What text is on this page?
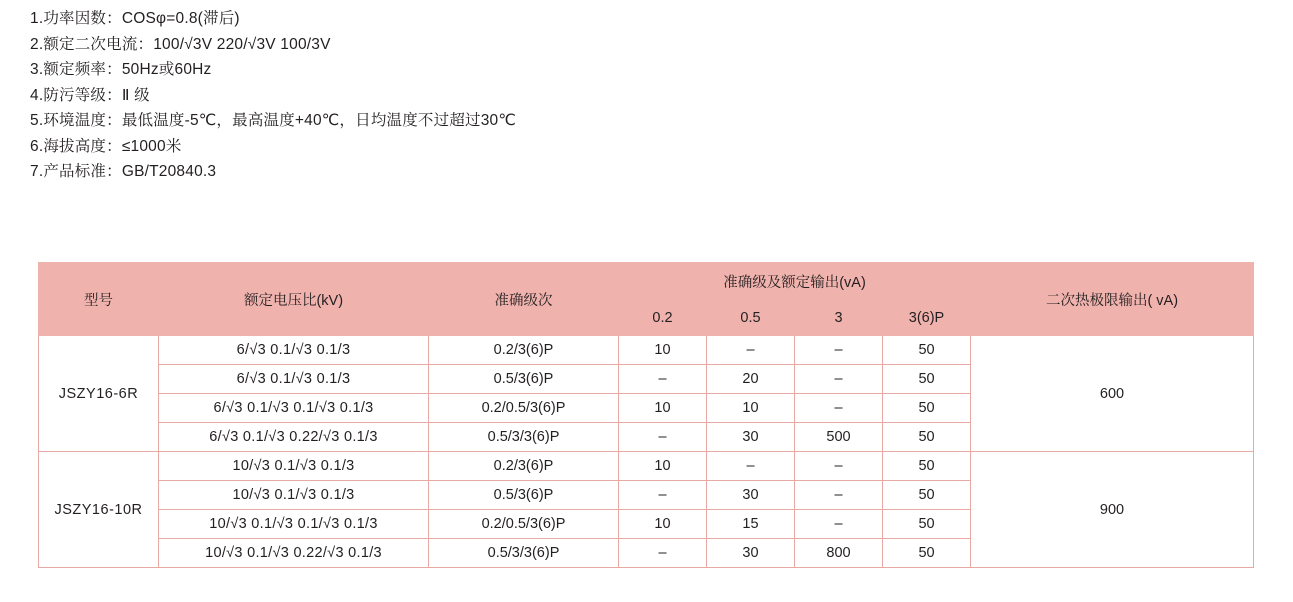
1.功率因数：COSφ=0.8(滞后)
2.额定二次电流：100/√3V 220/√3V 100/3V
3.额定频率：50Hz或60Hz
4.防污等级：Ⅱ 级
5.环境温度：最低温度-5℃，最高温度+40℃，日均温度不过超过30℃
6.海拔高度：≤1000米
7.产品标准：GB/T20840.3
型号	额定电压比(kV)	准确级次	准确级及额定输出(vA)				二次热极限输出( vA)
			0.2	0.5	3	3(6)P	
JSZY16-6R	6/√3 0.1/√3 0.1/3	0.2/3(6)P	10	–	–	50	600
	6/√3 0.1/√3 0.1/3	0.5/3(6)P	–	20	–	50	
	6/√3 0.1/√3 0.1/√3 0.1/3	0.2/0.5/3(6)P	10	10	–	50	
	6/√3 0.1/√3 0.22/√3 0.1/3	0.5/3/3(6)P	–	30	500	50	
JSZY16-10R	10/√3 0.1/√3 0.1/3	0.2/3(6)P	10	–	–	50	900
	10/√3 0.1/√3 0.1/3	0.5/3(6)P	–	30	–	50	
	10/√3 0.1/√3 0.1/√3 0.1/3	0.2/0.5/3(6)P	10	15	–	50	
	10/√3 0.1/√3 0.22/√3 0.1/3	0.5/3/3(6)P	–	30	800	50	
